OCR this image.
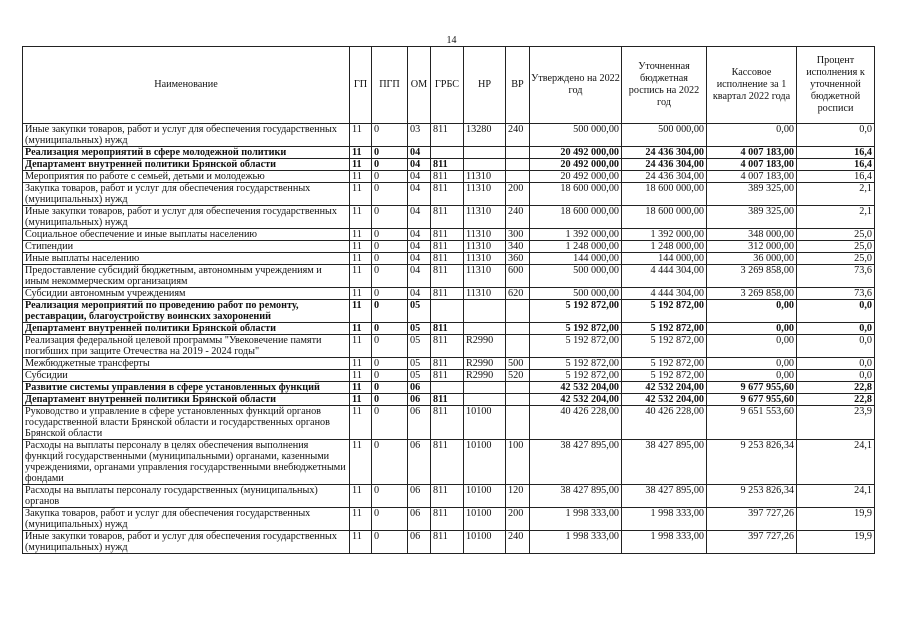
14
Наименование	ГП	ПГП	ОМ	ГРБС	НР	ВР	Утверждено на 2022 год	Уточненная бюджетная роспись на 2022 год	Кассовое исполнение за 1 квартал 2022 года	Процент исполнения к уточненной бюджетной росписи
Иные закупки товаров, работ и услуг для обеспечения государственных (муниципальных) нужд	11	0	03	811	13280	240	500 000,00	500 000,00	0,00	0,0
Реализация мероприятий в сфере молодежной политики	11	0	04				20 492 000,00	24 436 304,00	4 007 183,00	16,4
Департамент внутренней политики Брянской области	11	0	04	811			20 492 000,00	24 436 304,00	4 007 183,00	16,4
Мероприятия по работе с семьей, детьми и молодежью	11	0	04	811	11310		20 492 000,00	24 436 304,00	4 007 183,00	16,4
Закупка товаров, работ и услуг для обеспечения государственных (муниципальных) нужд	11	0	04	811	11310	200	18 600 000,00	18 600 000,00	389 325,00	2,1
Иные закупки товаров, работ и услуг для обеспечения государственных (муниципальных) нужд	11	0	04	811	11310	240	18 600 000,00	18 600 000,00	389 325,00	2,1
Социальное обеспечение и иные выплаты населению	11	0	04	811	11310	300	1 392 000,00	1 392 000,00	348 000,00	25,0
Стипендии	11	0	04	811	11310	340	1 248 000,00	1 248 000,00	312 000,00	25,0
Иные выплаты населению	11	0	04	811	11310	360	144 000,00	144 000,00	36 000,00	25,0
Предоставление субсидий бюджетным, автономным учреждениям и иным некоммерческим организациям	11	0	04	811	11310	600	500 000,00	4 444 304,00	3 269 858,00	73,6
Субсидии автономным учреждениям	11	0	04	811	11310	620	500 000,00	4 444 304,00	3 269 858,00	73,6
Реализация мероприятий по проведению работ по ремонту, реставрации, благоустройству воинских захоронений	11	0	05				5 192 872,00	5 192 872,00	0,00	0,0
Департамент внутренней политики Брянской области	11	0	05	811			5 192 872,00	5 192 872,00	0,00	0,0
Реализация федеральной целевой программы "Увековечение памяти погибших при защите Отечества на 2019 - 2024 годы"	11	0	05	811	R2990		5 192 872,00	5 192 872,00	0,00	0,0
Межбюджетные трансферты	11	0	05	811	R2990	500	5 192 872,00	5 192 872,00	0,00	0,0
Субсидии	11	0	05	811	R2990	520	5 192 872,00	5 192 872,00	0,00	0,0
Развитие системы управления в сфере установленных функций	11	0	06				42 532 204,00	42 532 204,00	9 677 955,60	22,8
Департамент внутренней политики Брянской области	11	0	06	811			42 532 204,00	42 532 204,00	9 677 955,60	22,8
Руководство и управление в сфере установленных функций органов государственной власти Брянской области и государственных органов Брянской области	11	0	06	811	10100		40 426 228,00	40 426 228,00	9 651 553,60	23,9
Расходы на выплаты персоналу в целях обеспечения выполнения функций государственными (муниципальными) органами, казенными учреждениями, органами управления государственными внебюджетными фондами	11	0	06	811	10100	100	38 427 895,00	38 427 895,00	9 253 826,34	24,1
Расходы на выплаты персоналу государственных (муниципальных) органов	11	0	06	811	10100	120	38 427 895,00	38 427 895,00	9 253 826,34	24,1
Закупка товаров, работ и услуг для обеспечения государственных (муниципальных) нужд	11	0	06	811	10100	200	1 998 333,00	1 998 333,00	397 727,26	19,9
Иные закупки товаров, работ и услуг для обеспечения государственных (муниципальных) нужд	11	0	06	811	10100	240	1 998 333,00	1 998 333,00	397 727,26	19,9
